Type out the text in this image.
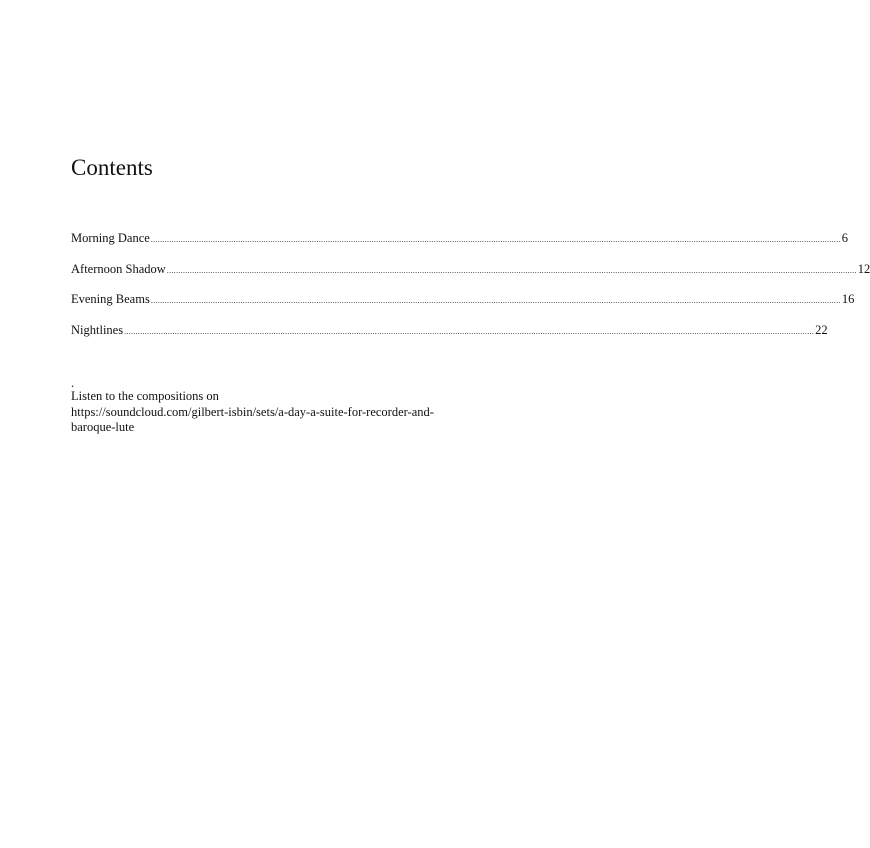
Contents
Morning Dance ............................................................................................................................................................................................................................................................................................................ 6
Afternoon Shadow ............................................................................................................................................................................................................................................................................................................ 12
Evening Beams ............................................................................................................................................................................................................................................................................................................ 16
Nightlines ............................................................................................................................................................................................................................................................................................................ 22
.
Listen to the compositions on
https://soundcloud.com/gilbert-isbin/sets/a-day-a-suite-for-recorder-and-
baroque-lute
